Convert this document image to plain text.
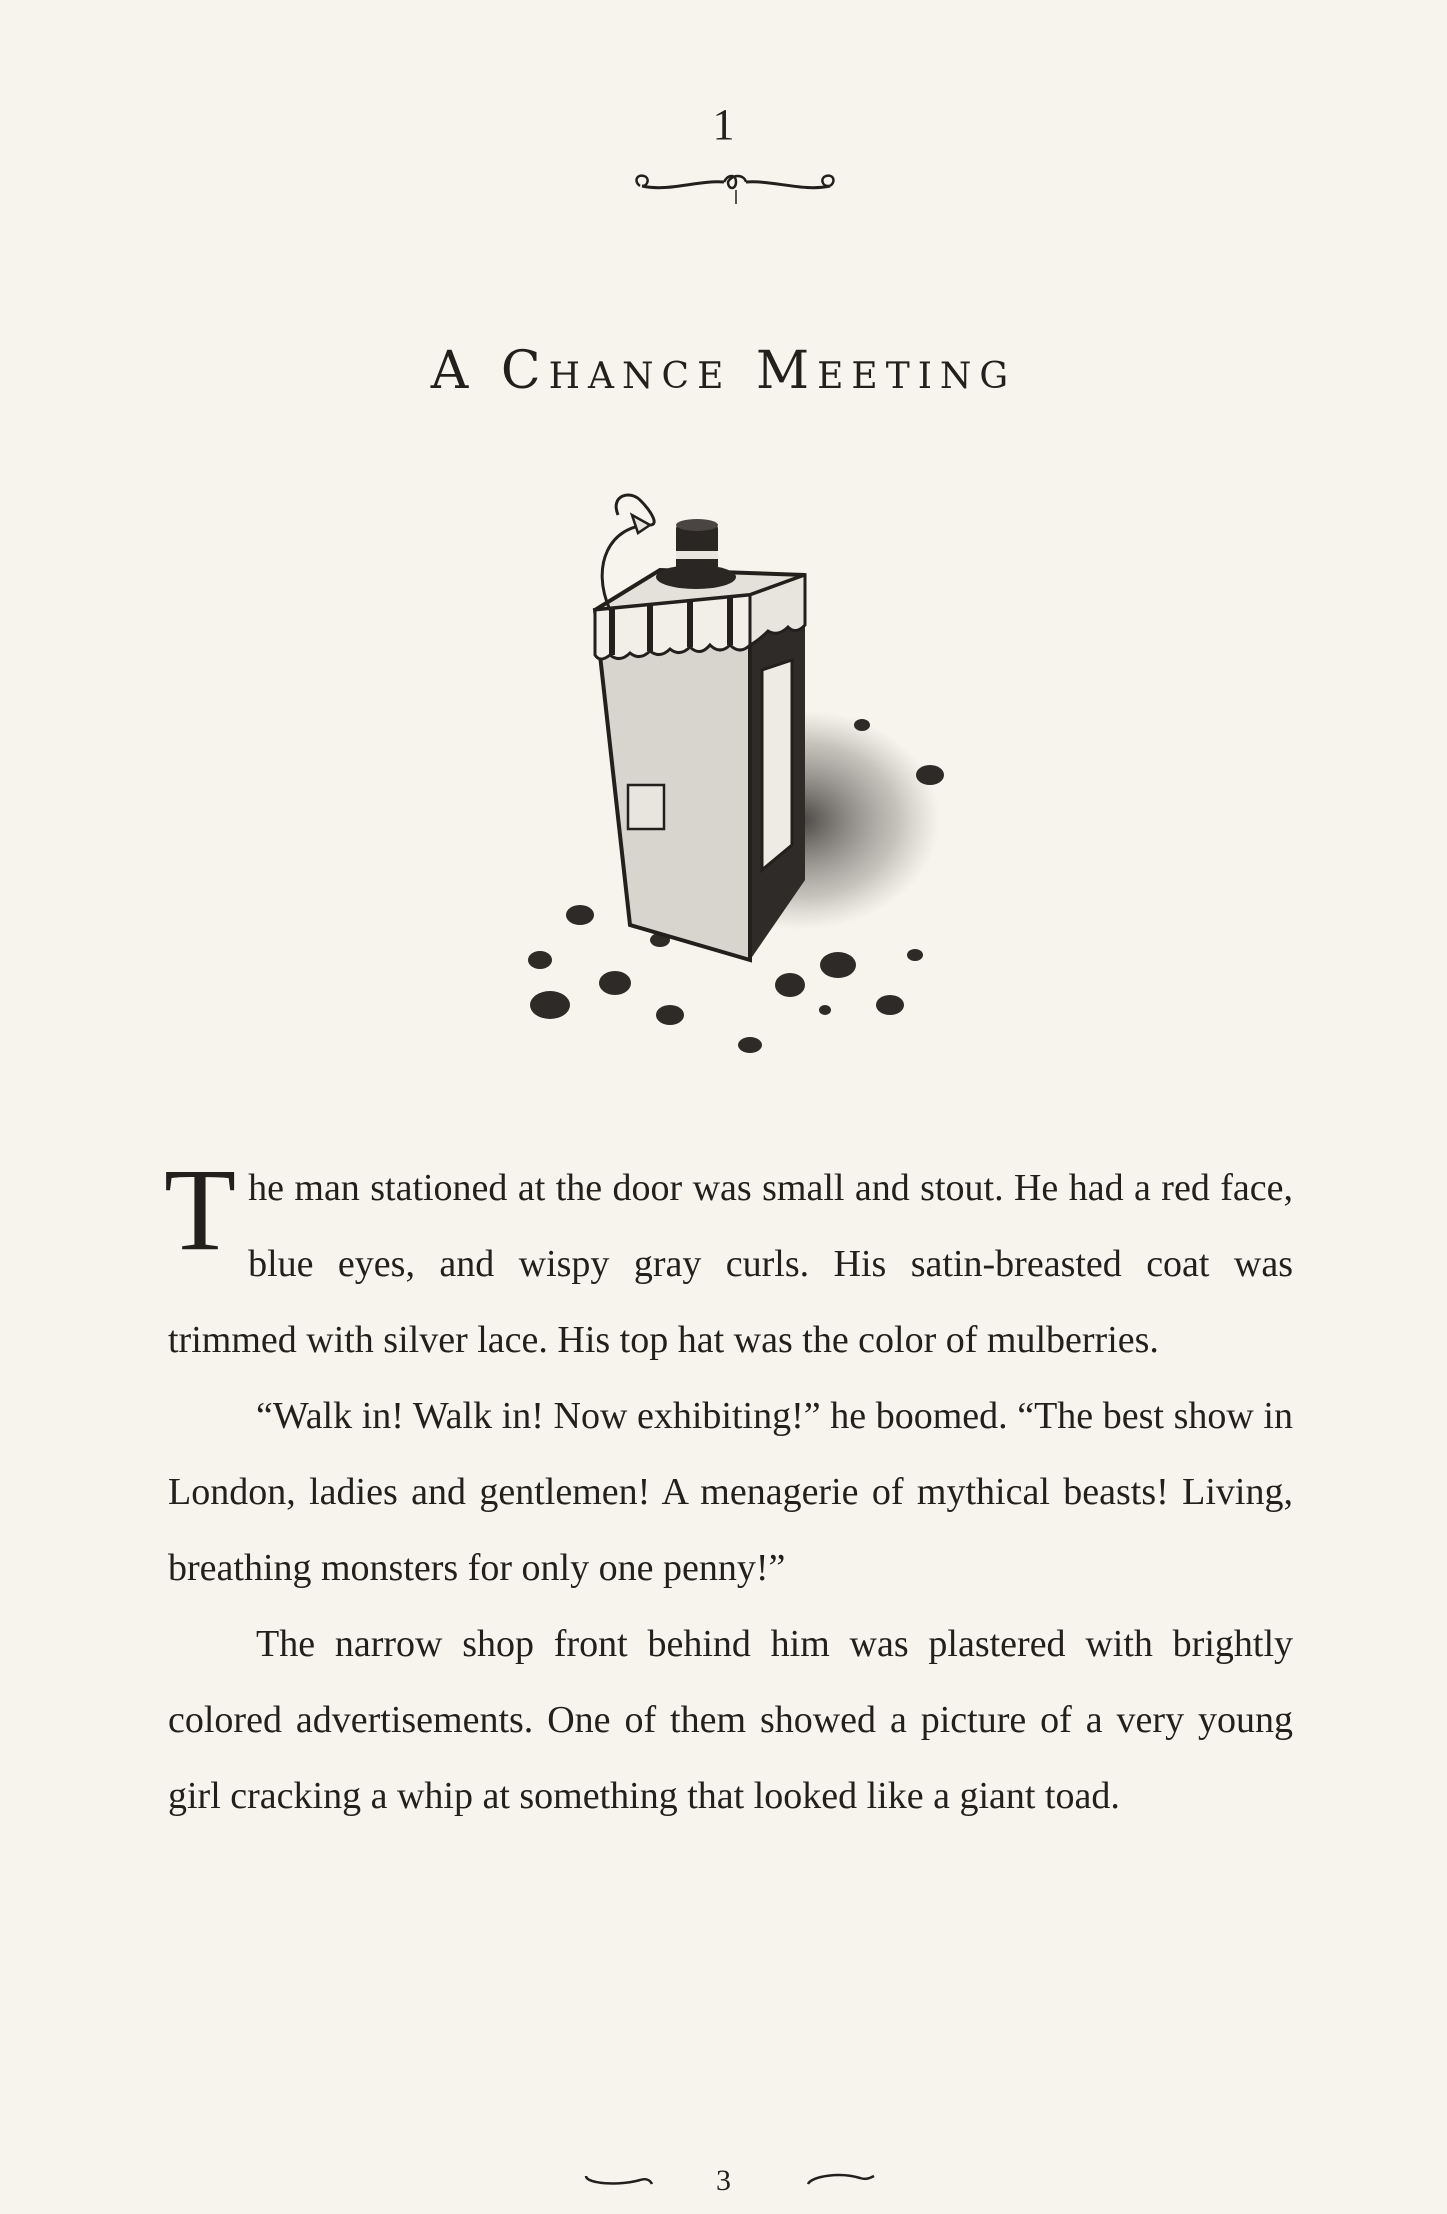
1
A Chance Meeting

The man stationed at the door was small and stout. He had a red face, blue eyes, and wispy gray curls. His satin-breasted coat was trimmed with silver lace. His top hat was the color of mulberries.

“Walk in! Walk in! Now exhibiting!” he boomed. “The best show in London, ladies and gentlemen! A menagerie of mythical beasts! Living, breathing monsters for only one penny!”

The narrow shop front behind him was plastered with brightly colored advertisements. One of them showed a picture of a very young girl cracking a whip at something that looked like a giant toad.

3
